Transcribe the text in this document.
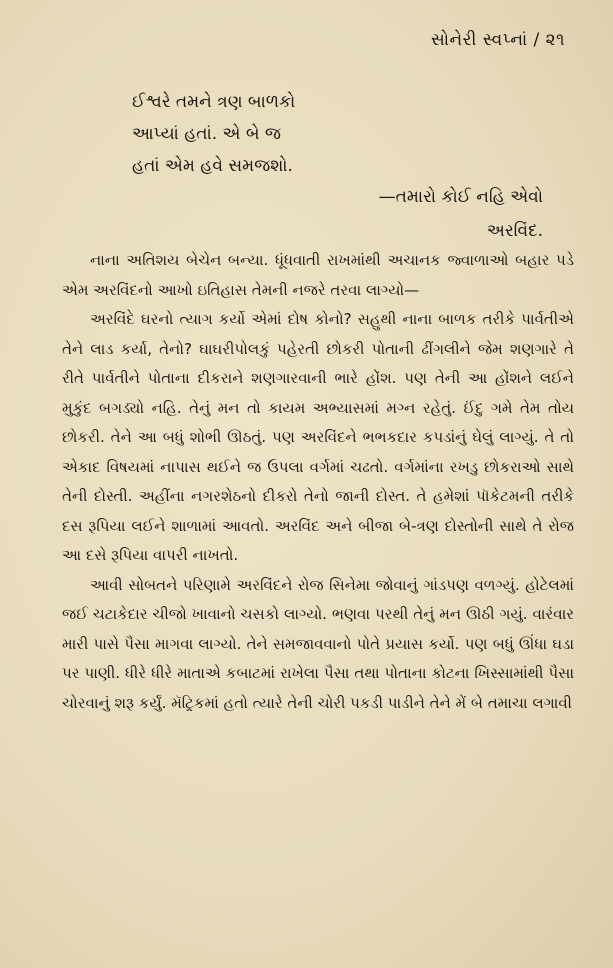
સોનેરી સ્વપ્નાં / ૨૧
ઈશ્વરે તમને ત્રણ બાળકો
આપ્યાં હતાં. એ બે જ
હતાં એમ હવે સમજશો.
—તમારો કોઈ નહિ એવો
અરવિંદ.

નાના અતિશય બેચેન બન્યા. ધૂંધવાતી રાખમાંથી અચાનક જ્વાળાઓ બહાર પડે એમ અરવિંદનો આખો ઇતિહાસ તેમની નજરે તરવા લાગ્યો—

અરવિંદે ઘરનો ત્યાગ કર્યો એમાં દોષ કોનો? સહુથી નાના બાળક તરીકે પાર્વતીએ તેને લાડ કર્યા, તેનો? ઘાઘરીપોલકું પહેરતી છોકરી પોતાની ઢીંગલીને જેમ શણગારે તે રીતે પાર્વતીને પોતાના દીકરાને શણગારવાની ભારે હોંશ. પણ તેની આ હોંશને લઈને મુકુંદ બગડ્યો નહિ. તેનું મન તો કાયમ અભ્યાસમાં મગ્ન રહેતું. ઈંદુ ગમે તેમ તોય છોકરી. તેને આ બધું શોભી ઊઠતું. પણ અરવિંદને ભભકદાર કપડાંનું ઘેલું લાગ્યું. તે તો એકાદ વિષયમાં નાપાસ થઈને જ ઉપલા વર્ગમાં ચઢતો. વર્ગમાંના રખડુ છોકરાઓ સાથે તેની દોસ્તી. અહીંના નગરશેઠનો દીકરો તેનો જાની દોસ્ત. તે હમેશાં પૉકેટમની તરીકે દસ રૂપિયા લઈને શાળામાં આવતો. અરવિંદ અને બીજા બે-ત્રણ દોસ્તોની સાથે તે રોજ આ દસે રૂપિયા વાપરી નાખતો.

આવી સોબતને પરિણામે અરવિંદને રોજ સિનેમા જોવાનું ગાંડપણ વળગ્યું. હોટેલમાં જઈ ચટાકેદાર ચીજો ખાવાનો ચસકો લાગ્યો. ભણવા પરથી તેનું મન ઊઠી ગયું. વારંવાર મારી પાસે પૈસા માગવા લાગ્યો. તેને સમજાવવાનો પોતે પ્રયાસ કર્યો. પણ બધું ઊંધા ઘડા પર પાણી. ધીરે ધીરે માતાએ કબાટમાં રાખેલા પૈસા તથા પોતાના કોટના ખિસ્સામાંથી પૈસા ચોરવાનું શરૂ કર્યું. મૅટ્રિકમાં હતો ત્યારે તેની ચોરી પકડી પાડીને તેને મેં બે તમાચા લગાવી
